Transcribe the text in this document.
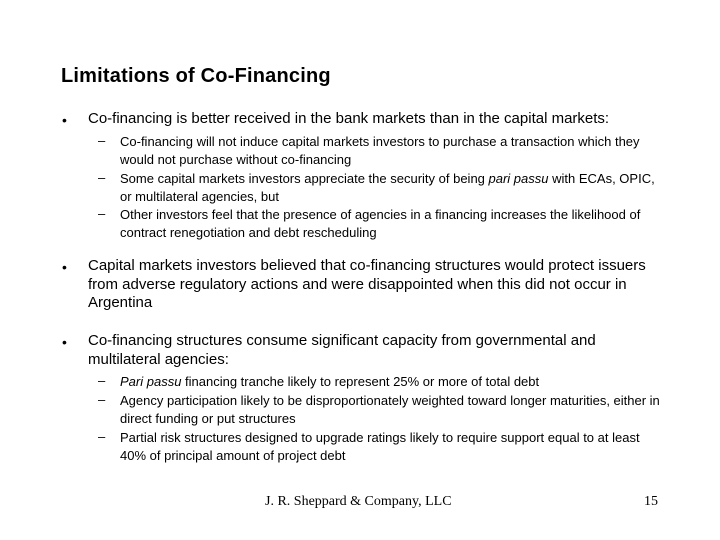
Limitations of Co-Financing
• Co-financing is better received in the bank markets than in the capital markets:
– Co-financing will not induce capital markets investors to purchase a transaction which they would not purchase without co-financing
– Some capital markets investors appreciate the security of being pari passu with ECAs, OPIC, or multilateral agencies, but
– Other investors feel that the presence of agencies in a financing increases the likelihood of contract renegotiation and debt rescheduling
• Capital markets investors believed that co-financing structures would protect issuers from adverse regulatory actions and were disappointed when this did not occur in Argentina
• Co-financing structures consume significant capacity from governmental and multilateral agencies:
– Pari passu financing tranche likely to represent 25% or more of total debt
– Agency participation likely to be disproportionately weighted toward longer maturities, either in direct funding or put structures
– Partial risk structures designed to upgrade ratings likely to require support equal to at least 40% of principal amount of project debt
J. R. Sheppard & Company, LLC	15
